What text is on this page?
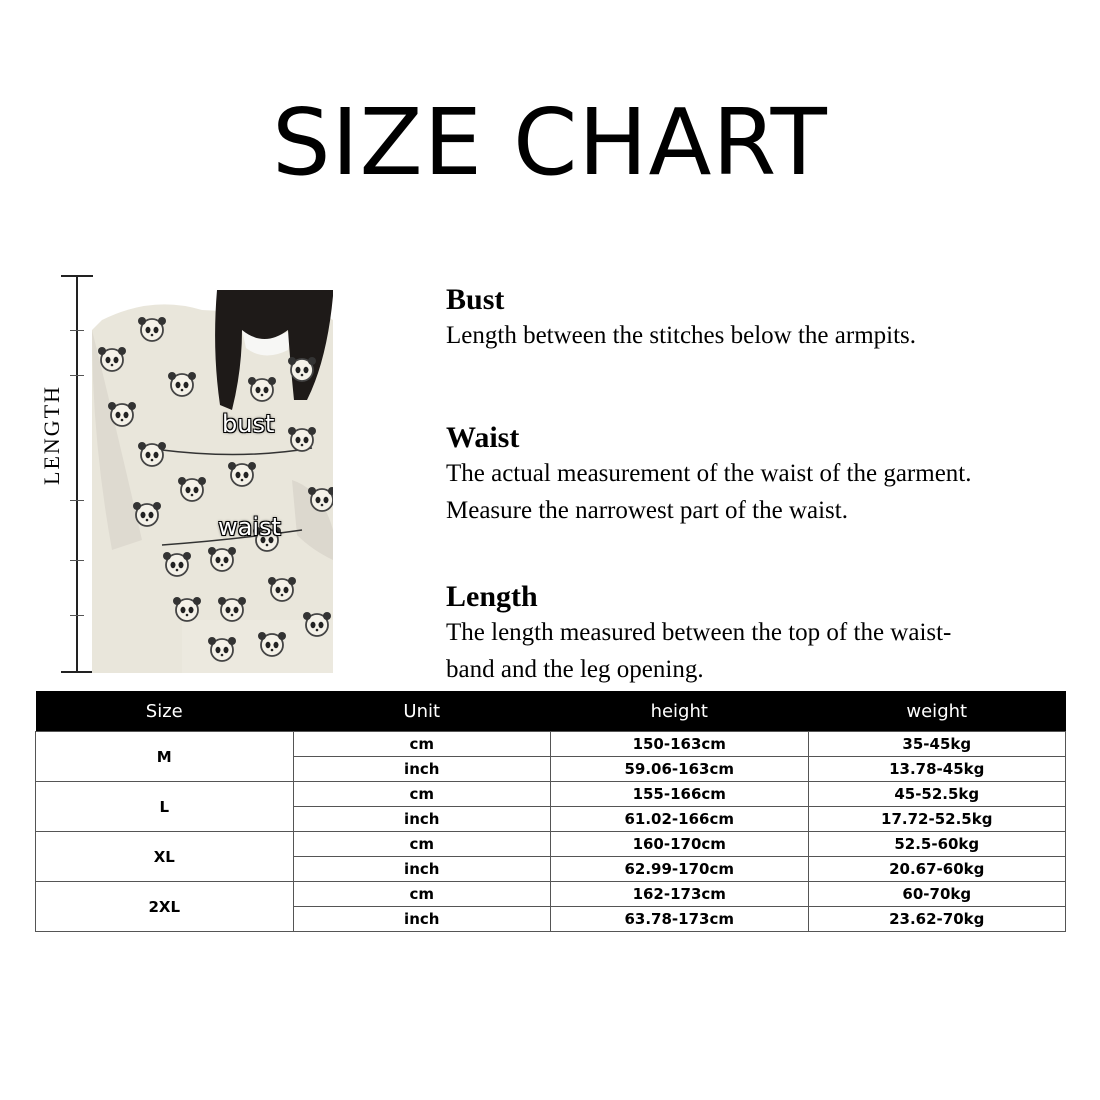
SIZE CHART
LENGTH	bust
waist
Bust

Length between the stitches below the armpits.

Waist

The actual measurement of the waist of the garment.

Measure the narrowest part of the waist.

Length

The length measured between the top of the waist-

band and the leg opening.

Size	Unit	height	weight
M	cm	150-163cm	35-45kg
	inch	59.06-163cm	13.78-45kg
L	cm	155-166cm	45-52.5kg
	inch	61.02-166cm	17.72-52.5kg
XL	cm	160-170cm	52.5-60kg
	inch	62.99-170cm	20.67-60kg
2XL	cm	162-173cm	60-70kg
	inch	63.78-173cm	23.62-70kg
